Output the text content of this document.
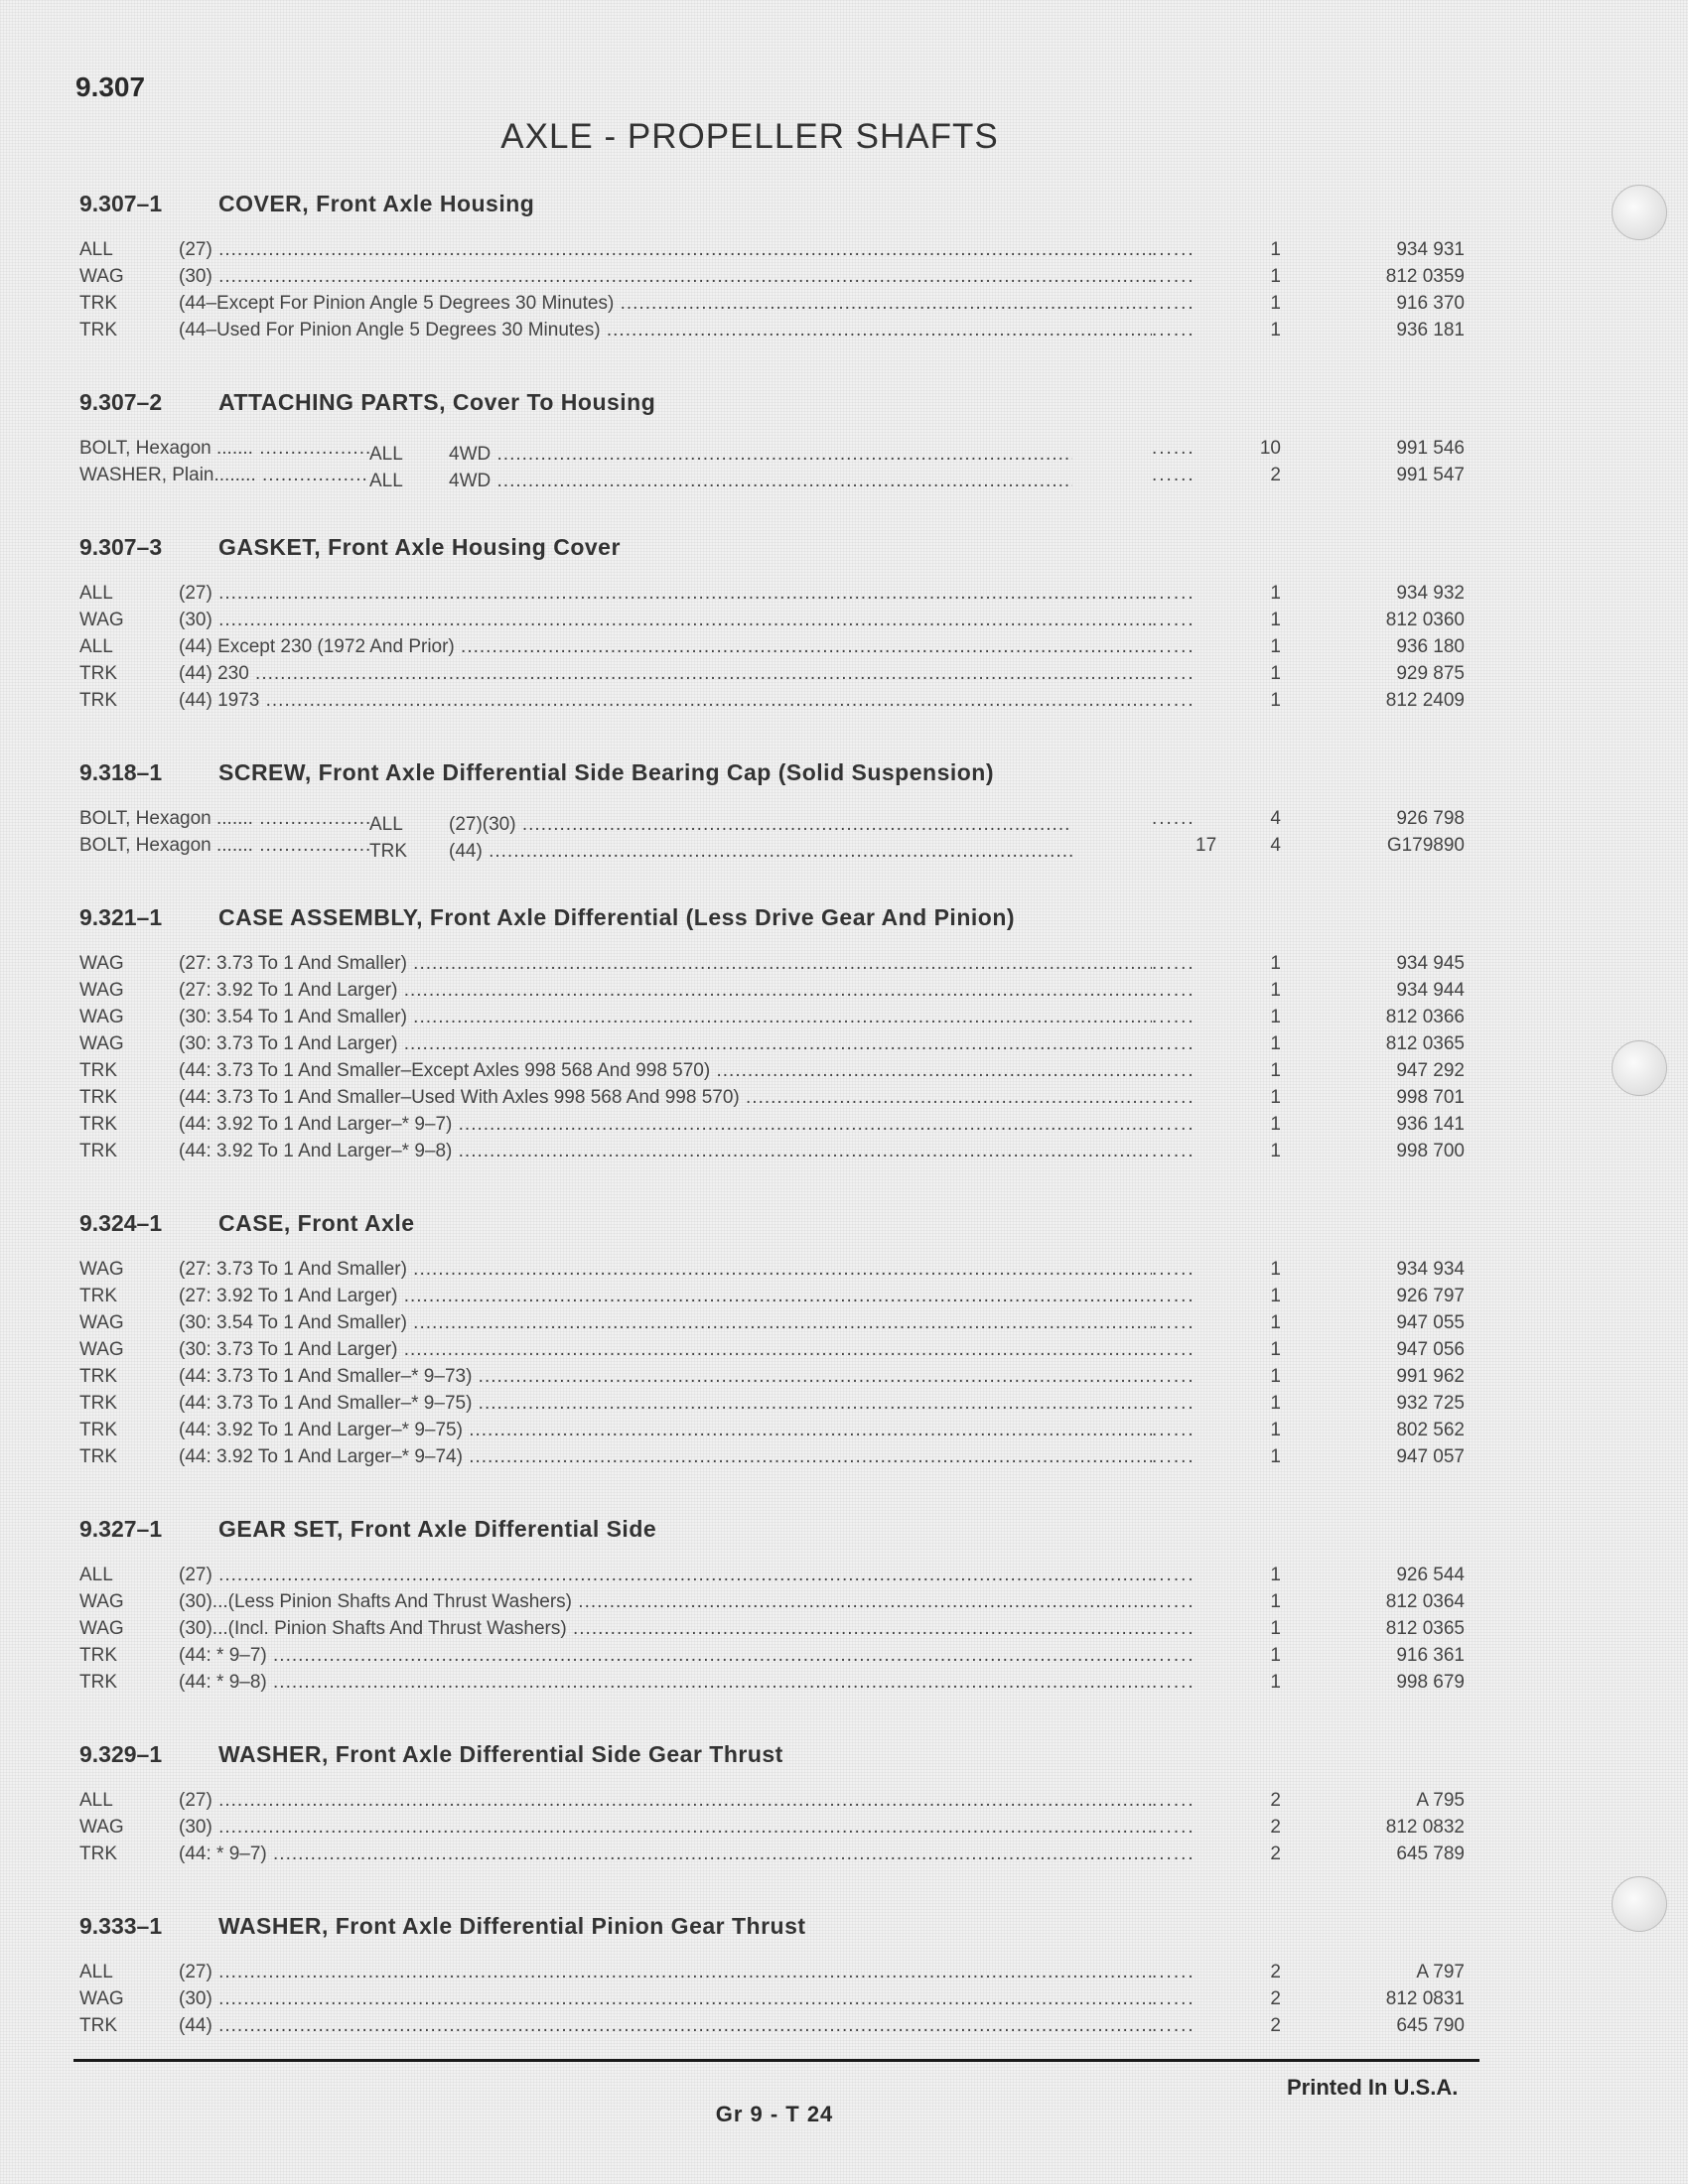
9.307
AXLE - PROPELLER SHAFTS
9.307–1	COVER, Front Axle Housing
ALL	(27) .....	......	1	934 931
WAG	(30) .....	......	1	812 0359
TRK	(44–Except For Pinion Angle 5 Degrees 30 Minutes) .....	......	1	916 370
TRK	(44–Used For Pinion Angle 5 Degrees 30 Minutes) .....	......	1	936 181
9.307–2	ATTACHING PARTS, Cover To Housing
BOLT, Hexagon ....... .....	ALL 4WD .....	......	10	991 546
WASHER, Plain........ .....	ALL 4WD .....	......	2	991 547
9.307–3	GASKET, Front Axle Housing Cover
ALL	(27) .....	......	1	934 932
WAG	(30) .....	......	1	812 0360
ALL	(44) Except 230 (1972 And Prior) .....	......	1	936 180
TRK	(44) 230 .....	......	1	929 875
TRK	(44) 1973 .....	......	1	812 2409
9.318–1	SCREW, Front Axle Differential Side Bearing Cap (Solid Suspension)
BOLT, Hexagon ....... .....	ALL (27)(30) .....	......	4	926 798
BOLT, Hexagon ....... .....	TRK (44) .....	17	4	G179890
9.321–1	CASE ASSEMBLY, Front Axle Differential (Less Drive Gear And Pinion)
WAG	(27: 3.73 To 1 And Smaller) .....	......	1	934 945
WAG	(27: 3.92 To 1 And Larger) .....	......	1	934 944
WAG	(30: 3.54 To 1 And Smaller) .....	......	1	812 0366
WAG	(30: 3.73 To 1 And Larger) .....	......	1	812 0365
TRK	(44: 3.73 To 1 And Smaller–Except Axles 998 568 And 998 570) .....	......	1	947 292
TRK	(44: 3.73 To 1 And Smaller–Used With Axles 998 568 And 998 570) .....	......	1	998 701
TRK	(44: 3.92 To 1 And Larger–* 9–7) .....	......	1	936 141
TRK	(44: 3.92 To 1 And Larger–* 9–8) .....	......	1	998 700
9.324–1	CASE, Front Axle
WAG	(27: 3.73 To 1 And Smaller) .....	......	1	934 934
TRK	(27: 3.92 To 1 And Larger) .....	......	1	926 797
WAG	(30: 3.54 To 1 And Smaller) .....	......	1	947 055
WAG	(30: 3.73 To 1 And Larger) .....	......	1	947 056
TRK	(44: 3.73 To 1 And Smaller–* 9–73) .....	......	1	991 962
TRK	(44: 3.73 To 1 And Smaller–* 9–75) .....	......	1	932 725
TRK	(44: 3.92 To 1 And Larger–* 9–75) .....	......	1	802 562
TRK	(44: 3.92 To 1 And Larger–* 9–74) .....	......	1	947 057
9.327–1	GEAR SET, Front Axle Differential Side
ALL	(27) .....	......	1	926 544
WAG	(30)...(Less Pinion Shafts And Thrust Washers) .....	......	1	812 0364
WAG	(30)...(Incl. Pinion Shafts And Thrust Washers) .....	......	1	812 0365
TRK	(44: * 9–7) .....	......	1	916 361
TRK	(44: * 9–8) .....	......	1	998 679
9.329–1	WASHER, Front Axle Differential Side Gear Thrust
ALL	(27) .....	......	2	A 795
WAG	(30) .....	......	2	812 0832
TRK	(44: * 9–7) .....	......	2	645 789
9.333–1	WASHER, Front Axle Differential Pinion Gear Thrust
ALL	(27) .....	......	2	A 797
WAG	(30) .....	......	2	812 0831
TRK	(44) .....	......	2	645 790
Printed In U.S.A.
Gr 9 - T 24
